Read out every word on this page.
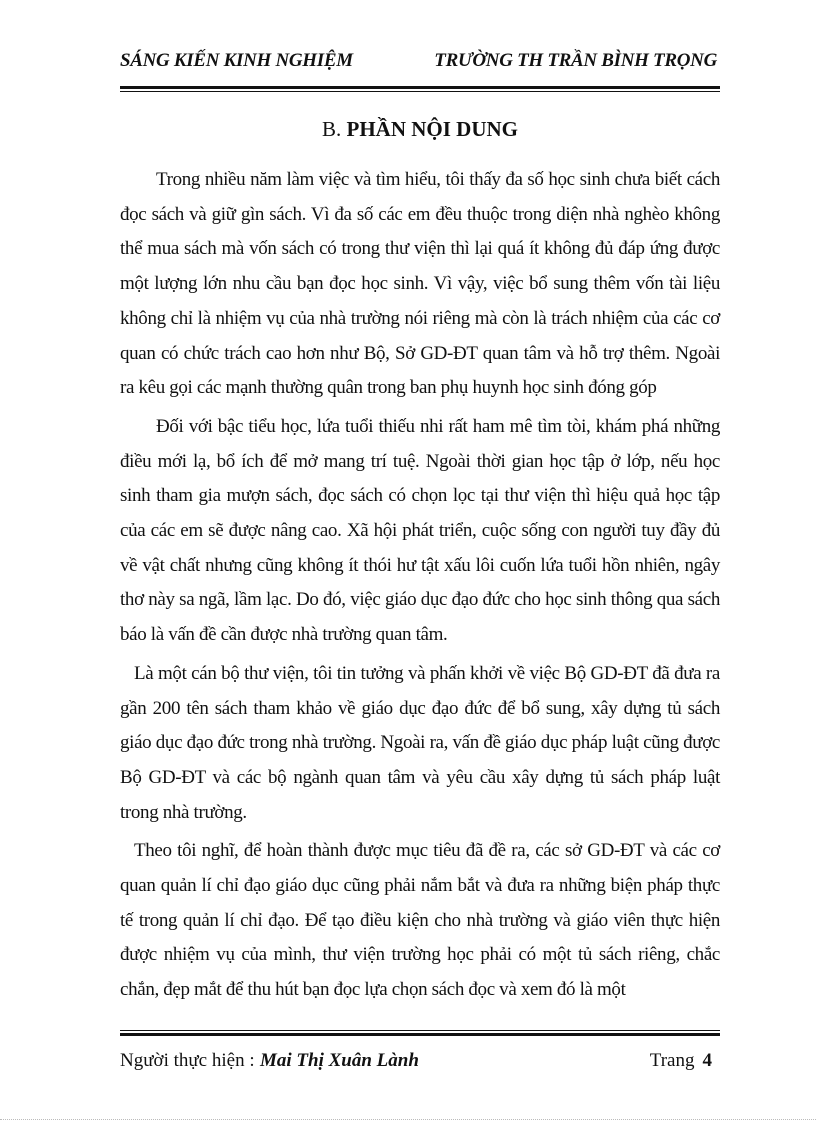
SÁNG KIẾN KINH NGHIỆM	TRƯỜNG TH TRẦN BÌNH TRỌNG
B. PHẦN NỘI DUNG

Trong nhiều năm làm việc và tìm hiểu, tôi thấy đa số học sinh chưa biết cách đọc sách và giữ gìn sách. Vì đa số các em đều thuộc trong diện nhà nghèo không thể mua sách mà vốn sách có trong thư viện thì lại quá ít không đủ đáp ứng được một lượng lớn nhu cầu bạn đọc học sinh. Vì vậy, việc bổ sung thêm vốn tài liệu không chỉ là nhiệm vụ của nhà trường nói riêng mà còn là trách nhiệm của các cơ quan có chức trách cao hơn như Bộ, Sở GD-ĐT quan tâm và hỗ trợ thêm. Ngoài ra kêu gọi các mạnh thường quân trong ban phụ huynh học sinh đóng góp

Đối với bậc tiểu học, lứa tuổi thiếu nhi rất ham mê tìm tòi, khám phá những điều mới lạ, bổ ích để mở mang trí tuệ. Ngoài thời gian học tập ở lớp, nếu học sinh tham gia mượn sách, đọc sách có chọn lọc tại thư viện thì hiệu quả học tập của các em sẽ được nâng cao. Xã hội phát triển, cuộc sống con người tuy đầy đủ về vật chất nhưng cũng không ít thói hư tật xấu lôi cuốn lứa tuổi hồn nhiên, ngây thơ này sa ngã, lầm lạc. Do đó, việc giáo dục đạo đức cho học sinh thông qua sách báo là vấn đề cần được nhà trường quan tâm.

Là một cán bộ thư viện, tôi tin tưởng và phấn khởi về việc Bộ GD-ĐT đã đưa ra gần 200 tên sách tham khảo về giáo dục đạo đức để bổ sung, xây dựng tủ sách giáo dục đạo đức trong nhà trường. Ngoài ra, vấn đề giáo dục pháp luật cũng được Bộ GD-ĐT và các bộ ngành quan tâm và yêu cầu xây dựng tủ sách pháp luật trong nhà trường.

Theo tôi nghĩ, để hoàn thành được mục tiêu đã đề ra, các sở GD-ĐT và các cơ quan quản lí chỉ đạo giáo dục cũng phải nắm bắt và đưa ra những biện pháp thực tế trong quản lí chỉ đạo. Để tạo điều kiện cho nhà trường và giáo viên thực hiện được nhiệm vụ của mình, thư viện trường học phải có một tủ sách riêng, chắc chắn, đẹp mắt để thu hút bạn đọc lựa chọn sách đọc và xem đó là một

Người thực hiện : Mai Thị Xuân Lành	Trang 4
